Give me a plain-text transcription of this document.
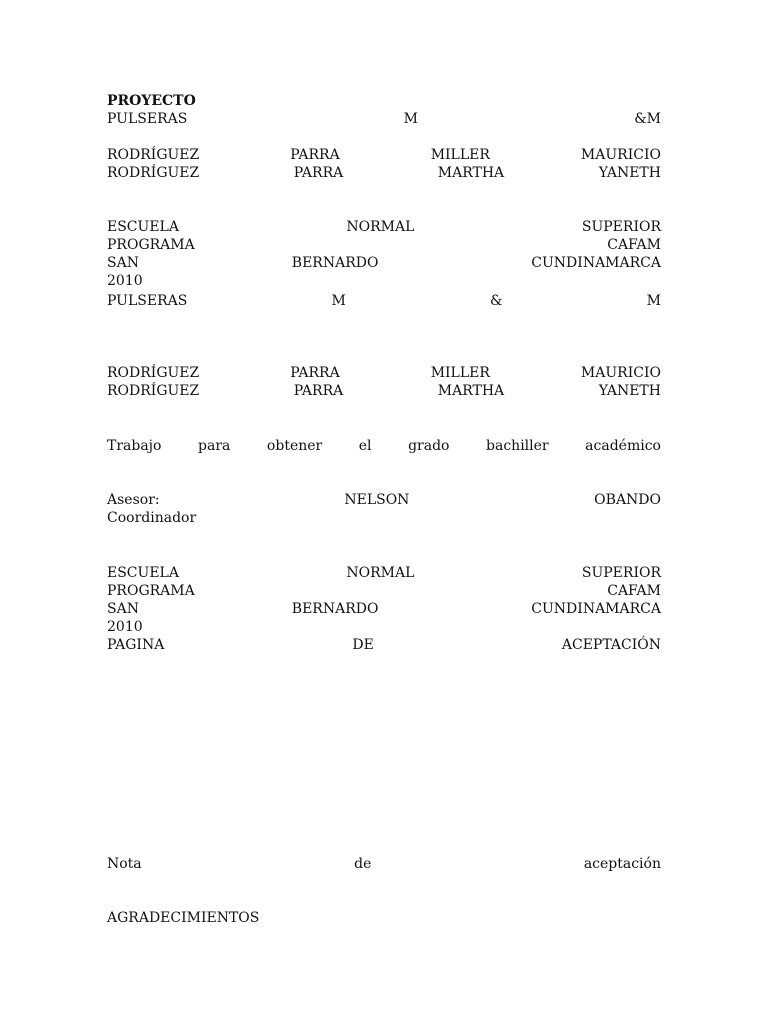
PROYECTO
PULSERAS	M	&M
RODRÍGUEZ	PARRA	MILLER	MAURICIO
RODRÍGUEZ	PARRA	MARTHA	YANETH
ESCUELA	NORMAL	SUPERIOR
PROGRAMA	CAFAM
SAN	BERNARDO	CUNDINAMARCA
2010
PULSERAS	M	&	M
RODRÍGUEZ	PARRA	MILLER	MAURICIO
RODRÍGUEZ	PARRA	MARTHA	YANETH
Trabajo	para	obtener	el	grado	bachiller	académico
Asesor:	NELSON	OBANDO
Coordinador
ESCUELA	NORMAL	SUPERIOR
PROGRAMA	CAFAM
SAN	BERNARDO	CUNDINAMARCA
2010
PAGINA	DE	ACEPTACIÓN
Nota	de	aceptación
AGRADECIMIENTOS
